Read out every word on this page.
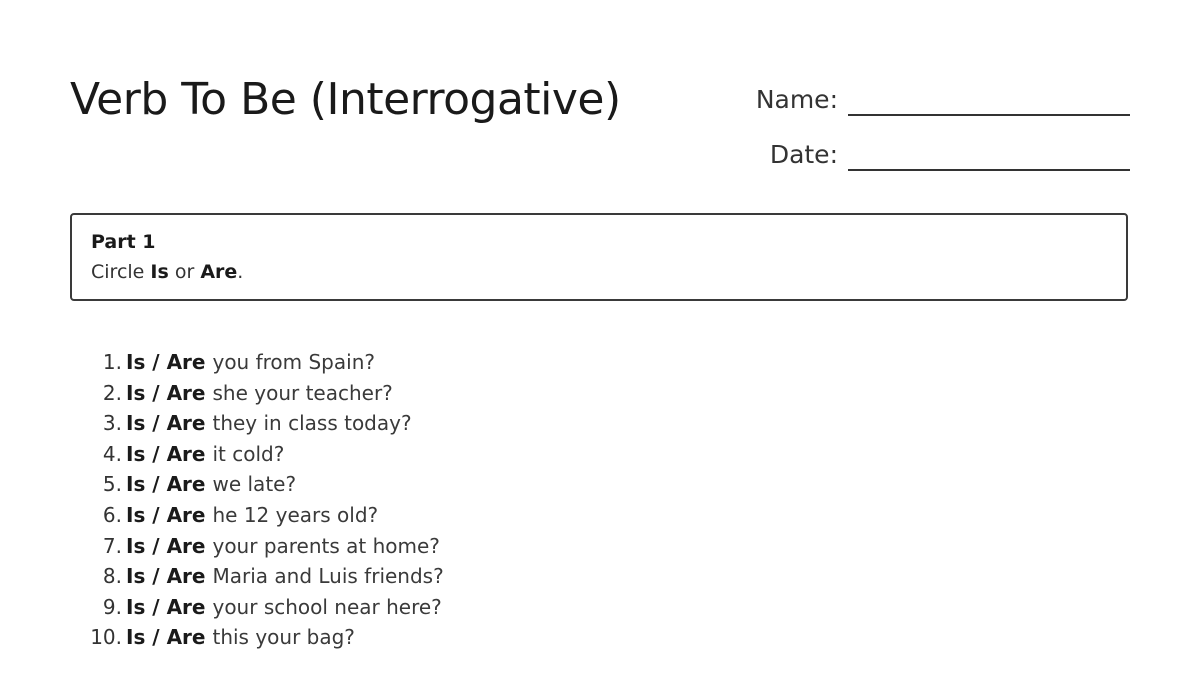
Verb To Be (Interrogative)	Name:
Date:
Part 1
Circle Is or Are.
1. Is / Are you from Spain?
2. Is / Are she your teacher?
3. Is / Are they in class today?
4. Is / Are it cold?
5. Is / Are we late?
6. Is / Are he 12 years old?
7. Is / Are your parents at home?
8. Is / Are Maria and Luis friends?
9. Is / Are your school near here?
10. Is / Are this your bag?
